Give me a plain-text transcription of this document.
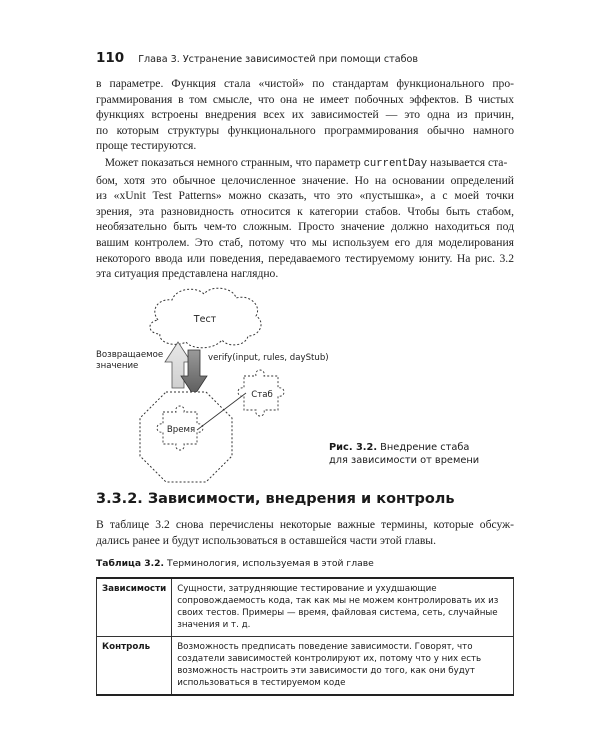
110 Глава 3. Устранение зависимостей при помощи стабов

в параметре. Функция стала «чистой» по стандартам функционального про-
граммирования в том смысле, что она не имеет побочных эффектов. В чистых
функциях встроены внедрения всех их зависимостей — это одна из причин,
по которым структуры функционального программирования обычно намного
проще тестируются.

Может показаться немного странным, что параметр currentDay называется ста-
бом, хотя это обычное целочисленное значение. Но на основании определений
из «xUnit Test Patterns» можно сказать, что это «пустышка», а с моей точки
зрения, эта разновидность относится к категории стабов. Чтобы быть стабом,
необязательно быть чем-то сложным. Просто значение должно находиться под
вашим контролем. Это стаб, потому что мы используем его для моделирования
некоторого ввода или поведения, передаваемого тестируемому юниту. На рис. 3.2
эта ситуация представлена наглядно.

Тест
Возвращаемое
значение
verify(input, rules, dayStub)
Время
Стаб
Рис. 3.2. Внедрение стаба
для зависимости от времени
3.3.2. Зависимости, внедрения и контроль

В таблице 3.2 снова перечислены некоторые важные термины, которые обсуж-
дались ранее и будут использоваться в оставшейся части этой главы.

Таблица 3.2. Терминология, используемая в этой главе
Зависимости	Сущности, затрудняющие тестирование и ухудшающие сопровождаемость кода, так как мы не можем контролировать их из своих тестов. Примеры — время, файловая система, сеть, случайные значения и т. д.
Контроль	Возможность предписать поведение зависимости. Говорят, что создатели зависимостей контролируют их, потому что у них есть возможность настроить эти зависимости до того, как они будут использоваться в тестируемом коде
